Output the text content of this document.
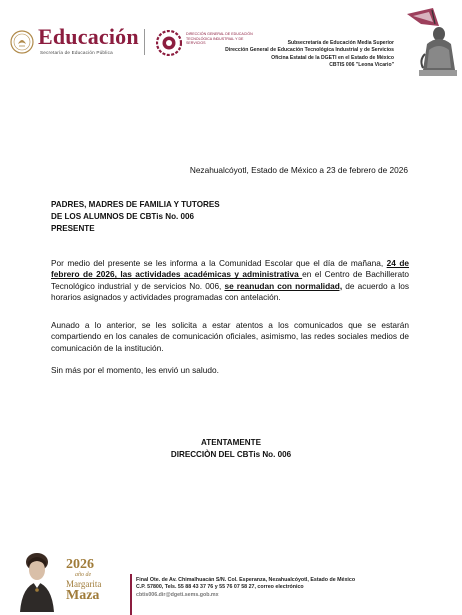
Educación
Secretaría de Educación Pública
DIRECCIÓN GENERAL DE EDUCACIÓN TECNOLÓGICA INDUSTRIAL Y DE SERVICIOS	Subsecretaría de Educación Media Superior
Dirección General de Educación Tecnológica Industrial y de Servicios
Oficina Estatal de la DGETI en el Estado de México
CBTIS 006 "Leona Vicario"
Nezahualcóyotl, Estado de México a 23 de febrero de 2026
PADRES, MADRES DE FAMILIA Y TUTORES
DE LOS ALUMNOS DE CBTis No. 006
PRESENTE
Por medio del presente se les informa a la Comunidad Escolar que el día de mañana, 24 de febrero de 2026, las actividades académicas y administrativa en el Centro de Bachillerato Tecnológico industrial y de servicios No. 006, se reanudan con normalidad, de acuerdo a los horarios asignados y actividades programadas con antelación.
Aunado a lo anterior, se les solicita a estar atentos a los comunicados que se estarán compartiendo en los canales de comunicación oficiales, asimismo, las redes sociales medios de comunicación de la institución.
Sin más por el momento, les envió un saludo.
ATENTAMENTE
DIRECCIÒN DEL CBTis No. 006
2026
año de
Margarita
Maza
Final Ote. de Av. Chimalhuacán S/N. Col. Esperanza, Nezahualcóyotl, Estado de México
C.P. 57800, Tels. 55 88 43 37 76 y 55 76 07 58 27, correo electrónico
cbtis006.dir@dgeti.sems.gob.mx
